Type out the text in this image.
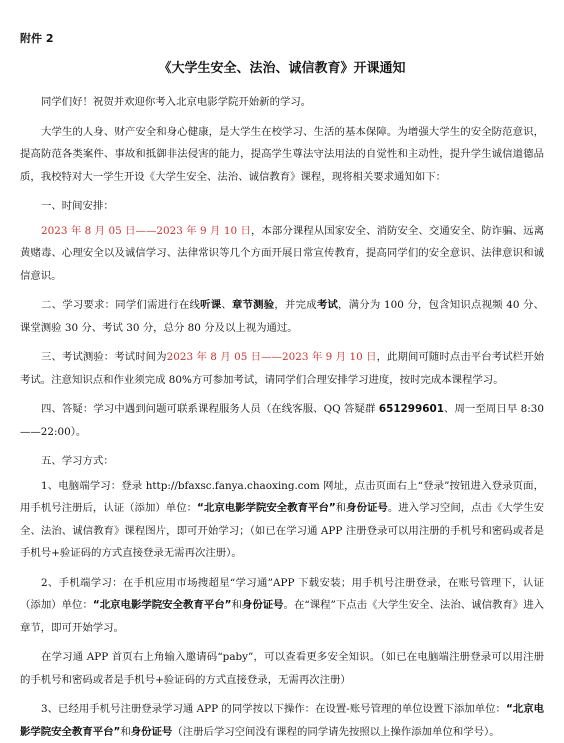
附件 2
《大学生安全、法治、诚信教育》开课通知

同学们好！祝贺并欢迎你考入北京电影学院开始新的学习。

大学生的人身、财产安全和身心健康，是大学生在校学习、生活的基本保障。为增强大学生的安全防范意识，提高防范各类案件、事故和抵御非法侵害的能力，提高学生尊法守法用法的自觉性和主动性，提升学生诚信道德品质，我校特对大一学生开设《大学生安全、法治、诚信教育》课程，现将相关要求通知如下：

一、时间安排：

2023 年 8 月 05 日——2023 年 9 月 10 日，本部分课程从国家安全、消防安全、交通安全、防诈骗、远离黄赌毒、心理安全以及诚信学习、法律常识等几个方面开展日常宣传教育，提高同学们的安全意识、法律意识和诚信意识。

二、学习要求：同学们需进行在线听课、章节测验，并完成考试，满分为 100 分，包含知识点视频 40 分、课堂测验 30 分、考试 30 分，总分 80 分及以上视为通过。

三、考试测验：考试时间为2023 年 8 月 05 日——2023 年 9 月 10 日，此期间可随时点击平台考试栏开始考试。注意知识点和作业须完成 80%方可参加考试，请同学们合理安排学习进度，按时完成本课程学习。

四、答疑：学习中遇到问题可联系课程服务人员（在线客服、QQ 答疑群 651299601、周一至周日早 8:30——22:00）。

五、学习方式：

1、电脑端学习：登录 http://bfaxsc.fanya.chaoxing.com 网址，点击页面右上“登录”按钮进入登录页面，用手机号注册后，认证（添加）单位：“北京电影学院安全教育平台”和身份证号。进入学习空间，点击《大学生安全、法治、诚信教育》课程图片，即可开始学习；（如已在学习通 APP 注册登录可以用注册的手机号和密码或者是手机号+验证码的方式直接登录无需再次注册）。

2、手机端学习：在手机应用市场搜超星“学习通”APP 下载安装；用手机号注册登录，在账号管理下，认证（添加）单位：“北京电影学院安全教育平台”和身份证号。在“课程”下点击《大学生安全、法治、诚信教育》进入章节，即可开始学习。

在学习通 APP 首页右上角输入邀请码“paby”，可以查看更多安全知识。（如已在电脑端注册登录可以用注册的手机号和密码或者是手机号+验证码的方式直接登录，无需再次注册）

3、已经用手机号注册登录学习通 APP 的同学按以下操作：在设置-账号管理的单位设置下添加单位：“北京电影学院安全教育平台”和身份证号（注册后学习空间没有课程的同学请先按照以上操作添加单位和学号）。
